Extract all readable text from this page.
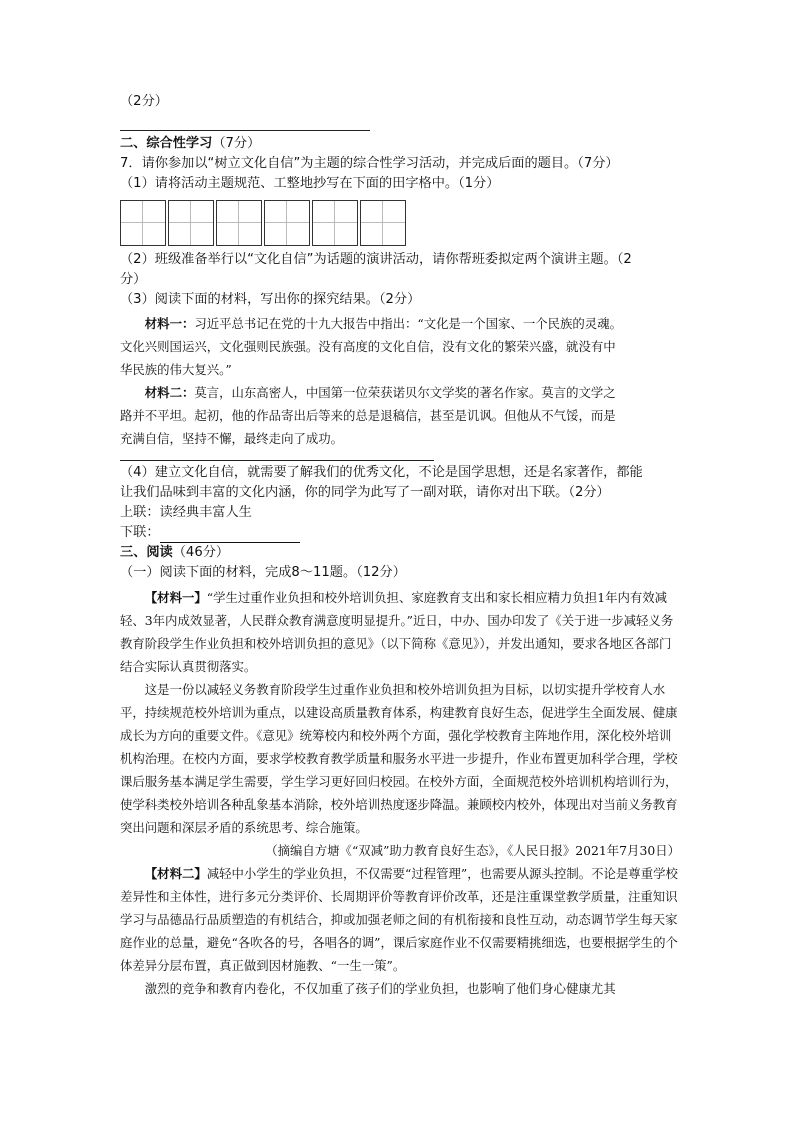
（2分）
二、综合性学习（7分）
7．请你参加以“树立文化自信”为主题的综合性学习活动，并完成后面的题目。（7分）
（1）请将活动主题规范、工整地抄写在下面的田字格中。（1分）
（2）班级准备举行以“文化自信”为话题的演讲活动，请你帮班委拟定两个演讲主题。（2
分）
（3）阅读下面的材料，写出你的探究结果。（2分）
材料一：习近平总书记在党的十九大报告中指出：“文化是一个国家、一个民族的灵魂。
文化兴则国运兴，文化强则民族强。没有高度的文化自信，没有文化的繁荣兴盛，就没有中
华民族的伟大复兴。”
材料二：莫言，山东高密人，中国第一位荣获诺贝尔文学奖的著名作家。莫言的文学之
路并不平坦。起初，他的作品寄出后等来的总是退稿信，甚至是讥讽。但他从不气馁，而是
充满自信，坚持不懈，最终走向了成功。
（4）建立文化自信，就需要了解我们的优秀文化，不论是国学思想，还是名家著作，都能
让我们品味到丰富的文化内涵，你的同学为此写了一副对联，请你对出下联。（2分）
上联：读经典丰富人生
下联：
三、阅读（46分）
（一）阅读下面的材料，完成8～11题。（12分）
【材料一】“学生过重作业负担和校外培训负担、家庭教育支出和家长相应精力负担1年内有效减轻、3年内成效显著，人民群众教育满意度明显提升。”近日，中办、国办印发了《关于进一步减轻义务教育阶段学生作业负担和校外培训负担的意见》（以下简称《意见》），并发出通知，要求各地区各部门结合实际认真贯彻落实。
这是一份以减轻义务教育阶段学生过重作业负担和校外培训负担为目标，以切实提升学校育人水平，持续规范校外培训为重点，以建设高质量教育体系，构建教育良好生态，促进学生全面发展、健康成长为方向的重要文件。《意见》统筹校内和校外两个方面，强化学校教育主阵地作用，深化校外培训机构治理。在校内方面，要求学校教育教学质量和服务水平进一步提升，作业布置更加科学合理，学校课后服务基本满足学生需要，学生学习更好回归校园。在校外方面，全面规范校外培训机构培训行为，使学科类校外培训各种乱象基本消除，校外培训热度逐步降温。兼顾校内校外，体现出对当前义务教育突出问题和深层矛盾的系统思考、综合施策。
（摘编自方塘《“双减”助力教育良好生态》，《人民日报》2021年7月30日）
【材料二】减轻中小学生的学业负担，不仅需要“过程管理”，也需要从源头控制。不论是尊重学校差异性和主体性，进行多元分类评价、长周期评价等教育评价改革，还是注重课堂教学质量，注重知识学习与品德品行品质塑造的有机结合，抑或加强老师之间的有机衔接和良性互动，动态调节学生每天家庭作业的总量，避免“各吹各的号，各唱各的调”，课后家庭作业不仅需要精挑细选，也要根据学生的个体差异分层布置，真正做到因材施教、“一生一策”。
激烈的竞争和教育内卷化，不仅加重了孩子们的学业负担，也影响了他们身心健康尤其
